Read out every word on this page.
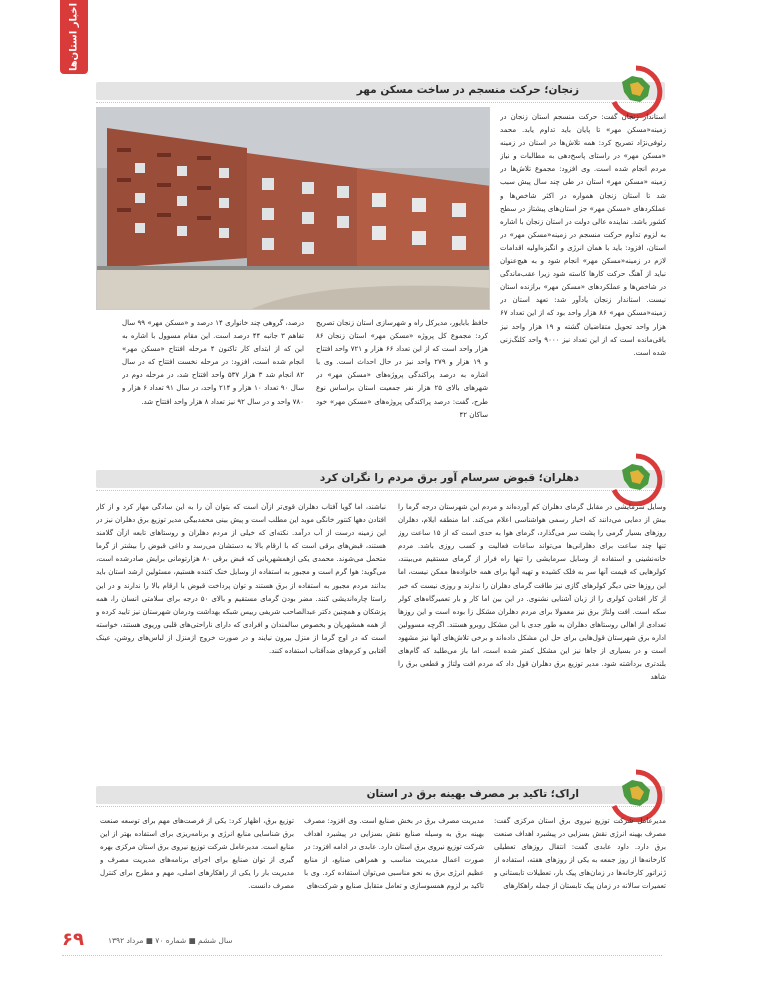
اخبار استان‌ها
زنجان؛ حرکت منسجم در ساخت مسکن مهر
استاندار زنجان گفت: حرکت منسجم استان زنجان در زمینه«مسکن مهر» تا پایان باید تداوم یابد. محمد رئوفی‌نژاد تصریح کرد: همه تلاش‌ها در استان در زمینه «مسکن مهر» در راستای پاسخ‌دهی به مطالبات و نیاز مردم انجام شده است. وی افزود: مجموع تلاش‌ها در زمینه «مسکن مهر» استان در طی چند سال پیش سبب شد تا استان زنجان همواره در اکثر شاخص‌ها و عملکردهای «مسکن مهر» جز استان‌های پیشتاز در سطح کشور باشد. نماینده عالی دولت در استان زنجان با اشاره به لزوم تداوم حرکت منسجم در زمینه«مسکن مهر» در استان، افزود: باید با همان انرژی و انگیزه‌اولیه اقدامات لازم در زمینه«مسکن مهر» انجام شود و به هیچ‌عنوان نباید از آهنگ حرکت کارها کاسته شود زیرا عقب‌ماندگی در شاخص‌ها و عملکردهای «مسکن مهر» برازنده استان نیست. استاندار زنجان یادآور شد: تعهد استان در زمینه«مسکن مهر» ۸۶ هزار واحد بود که از این تعداد ۶۷ هزار واحد تحویل متقاضیان گشته و ۱۹ هزار واحد نیز باقی‌مانده است که از این تعداد نیز ۹۰۰۰ واحد کلنگ‌زنی شده است.
حافظ بابایور، مدیرکل راه و شهرسازی استان زنجان تصریح کرد: مجموع کل پروژه «مسکن مهر» استان زنجان ۸۶ هزار واحد است که از این تعداد ۶۶ هزار و ۷۲۱ واحد افتتاح و ۱۹ هزار و ۲۷۹ واحد نیز در حال احداث است. وی با اشاره به درصد پراکندگی پروژه‌های «مسکن مهر» در شهرهای بالای ۲۵ هزار نفر جمعیت استان براساس نوع طرح، گفت: درصد پراکندگی پروژه‌های «مسکن مهر» خود ساکان ۴۲
درصد، گروهی چند خانواری ۱۴ درصد و «مسکن مهر» ۹۹ سال تفاهم ۳ جانبه ۴۴ درصد است. این مقام مسوول با اشاره به این که از ابتدای کار تاکنون ۴ مرحله افتتاح «مسکن مهر» انجام شده است، افزود: در مرحله نخست افتتاح که در سال ۸۲ انجام شد ۳ هزار ۵۳۷ واحد افتتاح شد، در مرحله دوم در سال ۹۰ تعداد ۱۰ هزار و ۲۱۴ واحد، در سال ۹۱ تعداد ۶ هزار و ۷۸۰ واحد و در سال ۹۲ نیز تعداد ۸ هزار واحد افتتاح شد.
دهلران؛ قبوض سرسام آور برق مردم را نگران کرد
وسایل سرمایشی در مقابل گرمای دهلران کم آورده‌اند و مردم این شهرستان درجه گرما را بیش از دمایی می‌دانند که اخبار رسمی هواشناسی اعلام می‌کند. اما منطقه ایلام، دهلران روزهای بسیار گرمی را پشت سر می‌گذارد، گرمای هوا به حدی است که از ۱۵ ساعت روز تنها چند ساعت برای دهلرانی‌ها می‌تواند ساعات فعالیت و کسب روزی باشد. مردم خانه‌نشینی و استفاده از وسایل سرمایشی را تنها راه فرار از گرمای مستقیم می‌بینند، کولرهایی که قیمت آنها سر به فلک کشیده و تهیه آنها برای همه خانواده‌ها ممکن نیست، اما این روزها حتی دیگر کولرهای گازی نیز طاقت گرمای دهلران را ندارند و روزی نیست که خبر از کار افتادن کولری را از زبان آشنایی نشنوی. در این بین اما کار و بار تعمیرگاه‌های کولر سکه است. افت ولتاژ برق نیز معمولا برای مردم دهلران مشکل زا بوده است و این روزها تعدادی از اهالی روستاهای دهلران به طور جدی با این مشکل روبرو هستند. اگرچه مسوولین اداره برق شهرستان قول‌هایی برای حل این مشکل داده‌اند و برخی تلاش‌های آنها نیز مشهود است و در بسیاری از جاها نیز این مشکل کمتر شده است، اما باز می‌طلبد که گام‌های بلندتری برداشته شود. مدیر توزیع برق دهلران قول داد که مردم افت ولتاژ و قطعی برق را شاهد
نباشند، اما گویا آفتاب دهلران قوی‌تر ازآن است که بتوان آن را به این سادگی مهار کرد و از کار افتادن دهها کنتور خانگی موید این مطلب است و پیش بینی محمدبیگی مدیر توزیع برق دهلران نیز در این زمینه درست از آب درآمد. نکته‌ای که خیلی از مردم دهلران و روستاهای تابعه ازآن گلامند هستند، قبض‌های برقی است که با ارقام بالا به دستشان می‌رسد و داغی قبوض را بیشتر از گرما متحمل می‌شوند. محمدی یکی ازهمشهریانی که قبض برقی ۸۰ هزارتومانی برایش صادرشده است، می‌گوید: هوا گرم است و مجبور به استفاده از وسایل خنک کننده هستیم، مسئولین ارشد استان باید بدانند مردم مجبور به استفاده از برق هستند و توان پرداخت قبوض با ارقام بالا را ندارند و در این راستا چاره‌اندیشی کنند. مضر بودن گرمای مستقیم و بالای ۵۰ درجه برای سلامتی انسان را، همه پزشکان و همچنین دکتر عبدالصاحب شریفی رییس شبکه بهداشت ودرمان شهرستان نیز تایید کرده و از همه همشهریان و بخصوص سالمندان و افرادی که دارای ناراحتی‌های قلبی وریوی هستند، خواسته است که در اوج گرما از منزل بیرون نیایند و در صورت خروج ازمنزل از لباس‌های روشن، عینک آفتابی و کرم‌های ضدآفتاب استفاده کنند.
اراک؛ تاکید بر مصرف بهینه برق در استان
مدیرعامل شرکت توزیع نیروی برق استان مرکزی گفت: مصرف بهینه انرژی نقش بسزایی در پیشبرد اهداف صنعت برق دارد. داود عابدی گفت: انتقال روزهای تعطیلی کارخانه‌ها از روز جمعه به یکی از روزهای هفته، استفاده از ژنراتور کارخانه‌ها در زمان‌های پیک بار، تعطیلات تابستانی و تعمیرات سالانه در زمان پیک تابستان از جمله راهکارهای
مدیریت مصرف برق در بخش صنایع است. وی افزود: مصرف بهینه برق به وسیله صنایع نقش بسزایی در پیشبرد اهداف شرکت توزیع نیروی برق استان دارد. عابدی در ادامه افزود: در صورت اعمال مدیریت مناسب و همراهی صنایع، از منابع عظیم انرژی برق به نحو مناسبی می‌توان استفاده کرد. وی با تاکید بر لزوم همسوسازی و تعامل متقابل صنایع و شرکت‌های
توزیع برق، اظهار کرد: یکی از فرصت‌های مهم برای توسعه صنعت برق شناسایی منابع انرژی و برنامه‌ریزی برای استفاده بهتر از این منابع است. مدیرعامل شرکت توزیع نیروی برق استان مرکزی بهره گیری از توان صنایع برای اجرای برنامه‌های مدیریت مصرف و مدیریت بار را یکی از راهکارهای اصلی، مهم و مطرح برای کنترل مصرف دانست.
۶۹	سال ششم ■ شماره ۷۰ ■ مرداد ۱۳۹۲
